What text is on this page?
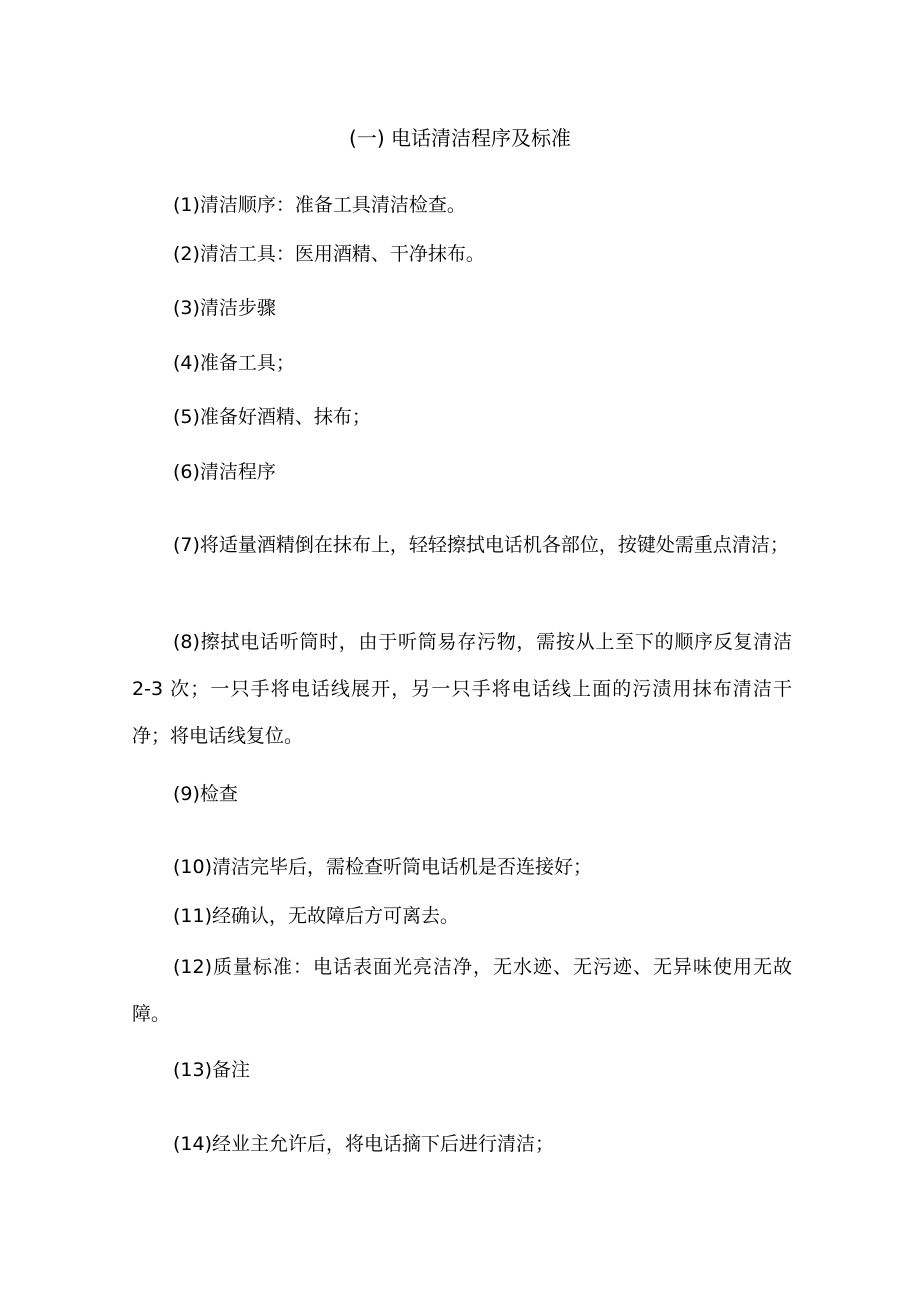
(一) 电话清洁程序及标准
(1)清洁顺序：准备工具清洁检查。
(2)清洁工具：医用酒精、干净抹布。
(3)清洁步骤
(4)准备工具；
(5)准备好酒精、抹布；
(6)清洁程序
(7)将适量酒精倒在抹布上，轻轻擦拭电话机各部位，按键处需重点清洁；
(8)擦拭电话听筒时，由于听筒易存污物，需按从上至下的顺序反复清洁 2-3 次；一只手将电话线展开，另一只手将电话线上面的污渍用抹布清洁干净；将电话线复位。
(9)检查
(10)清洁完毕后，需检查听筒电话机是否连接好；
(11)经确认，无故障后方可离去。
(12)质量标准：电话表面光亮洁净，无水迹、无污迹、无异味使用无故障。
(13)备注
(14)经业主允许后，将电话摘下后进行清洁；
